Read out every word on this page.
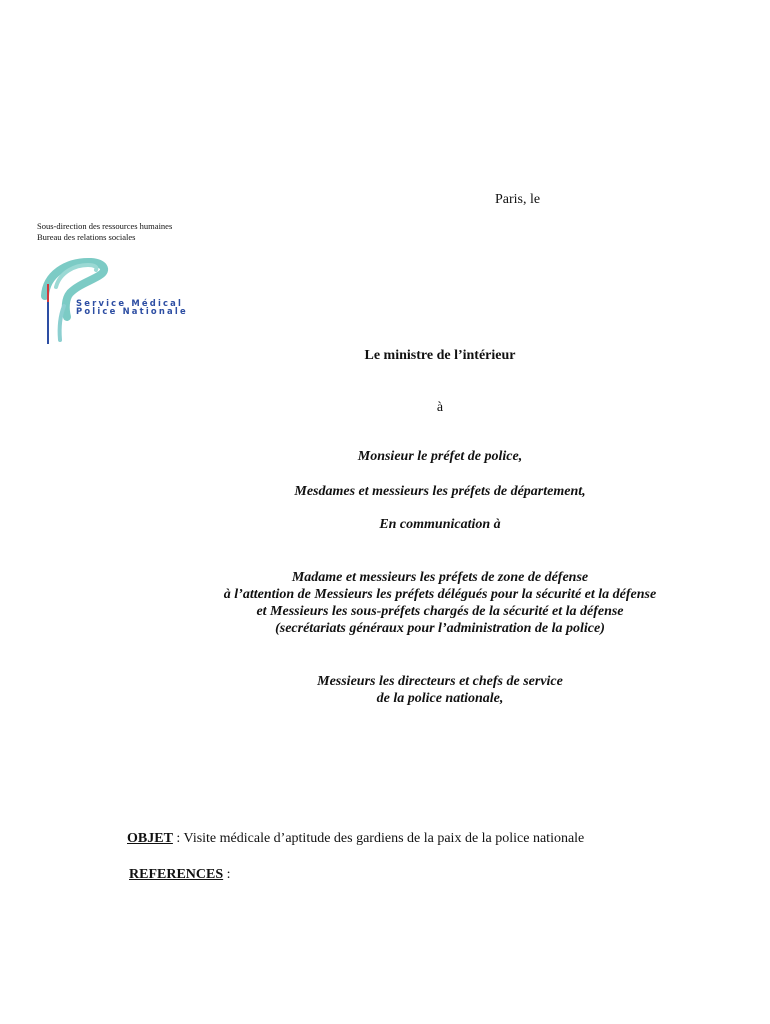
Paris, le
Sous-direction des ressources humaines
Bureau des relations sociales
Service Médical
Police Nationale
Le ministre de l’intérieur
à
Monsieur le préfet de police,
Mesdames et messieurs les préfets de département,
En communication à
Madame et messieurs les préfets de zone de défense
à l’attention de Messieurs les préfets délégués pour la sécurité et la défense
et Messieurs les sous-préfets chargés de la sécurité et la défense
(secrétariats généraux pour l’administration de la police)
Messieurs les directeurs et chefs de service
de la police nationale,
OBJET : Visite médicale d’aptitude des gardiens de la paix de la police nationale
REFERENCES :
